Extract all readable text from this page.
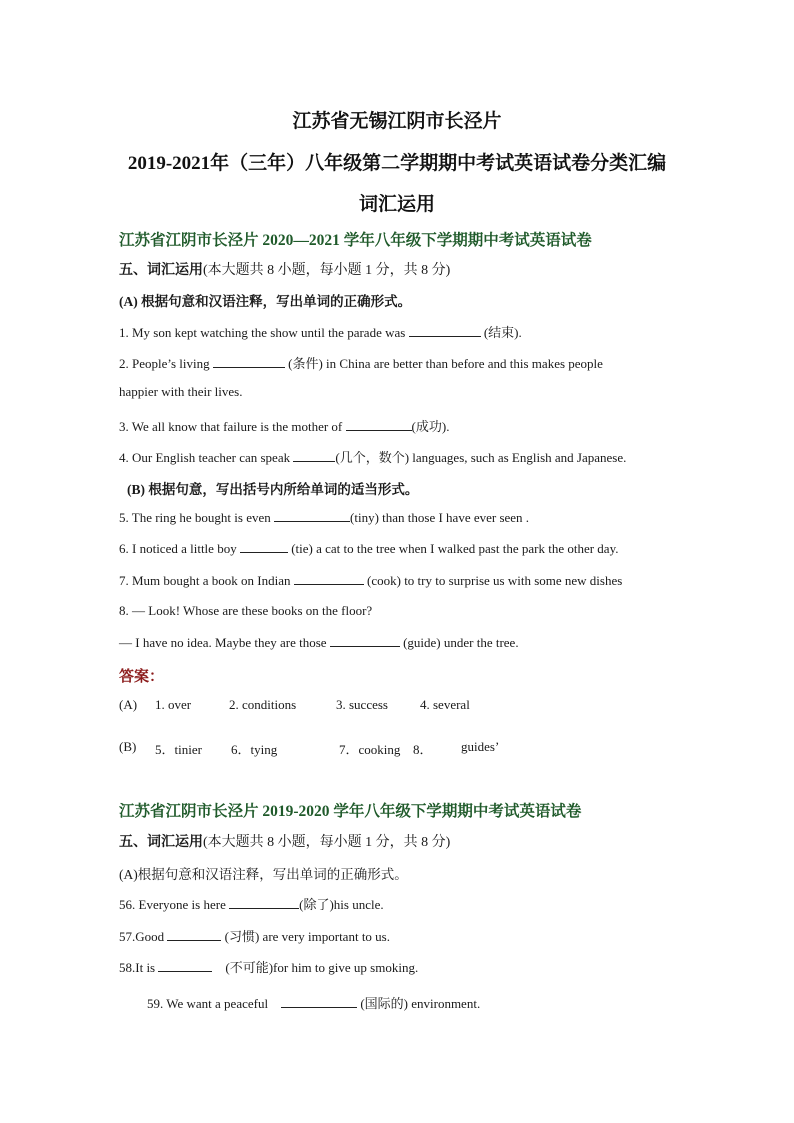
江苏省无锡江阴市长泾片
2019-2021年（三年）八年级第二学期期中考试英语试卷分类汇编
词汇运用
江苏省江阴市长泾片 2020—2021 学年八年级下学期期中考试英语试卷
五、词汇运用(本大题共 8 小题，每小题 1 分，共 8 分)
(A) 根据句意和汉语注释，写出单词的正确形式。
1. My son kept watching the show until the parade was	(结束).
2. People’s living	(条件) in China are better than before and this makes people
happier with their lives.
3. We all know that failure is the mother of	(成功).
4. Our English teacher can speak	(几个，数个) languages, such as English and Japanese.
(B) 根据句意，写出括号内所给单词的适当形式。
5. The ring he bought is even	(tiny) than those I have ever seen .
6. I noticed a little boy	(tie) a cat to the tree when I walked past the park the other day.
7. Mum bought a book on Indian	(cook) to try to surprise us with some new dishes
8. — Look! Whose are these books on the floor?
— I have no idea. Maybe they are those	(guide) under the tree.
答案：
(A) 1. over	2. conditions	3. success 4. several
(B) 5．tinier 6．tying	7．cooking 8． guides’
江苏省江阴市长泾片 2019-2020 学年八年级下学期期中考试英语试卷
五、词汇运用(本大题共 8 小题，每小题 1 分，共 8 分)
(A)根据句意和汉语注释，写出单词的正确形式。
56. Everyone is here	(除了)his uncle.
57.Good	(习惯) are very important to us.
58.It is	(不可能)for him to give up smoking.
59. We want a peaceful	(国际的) environment.
